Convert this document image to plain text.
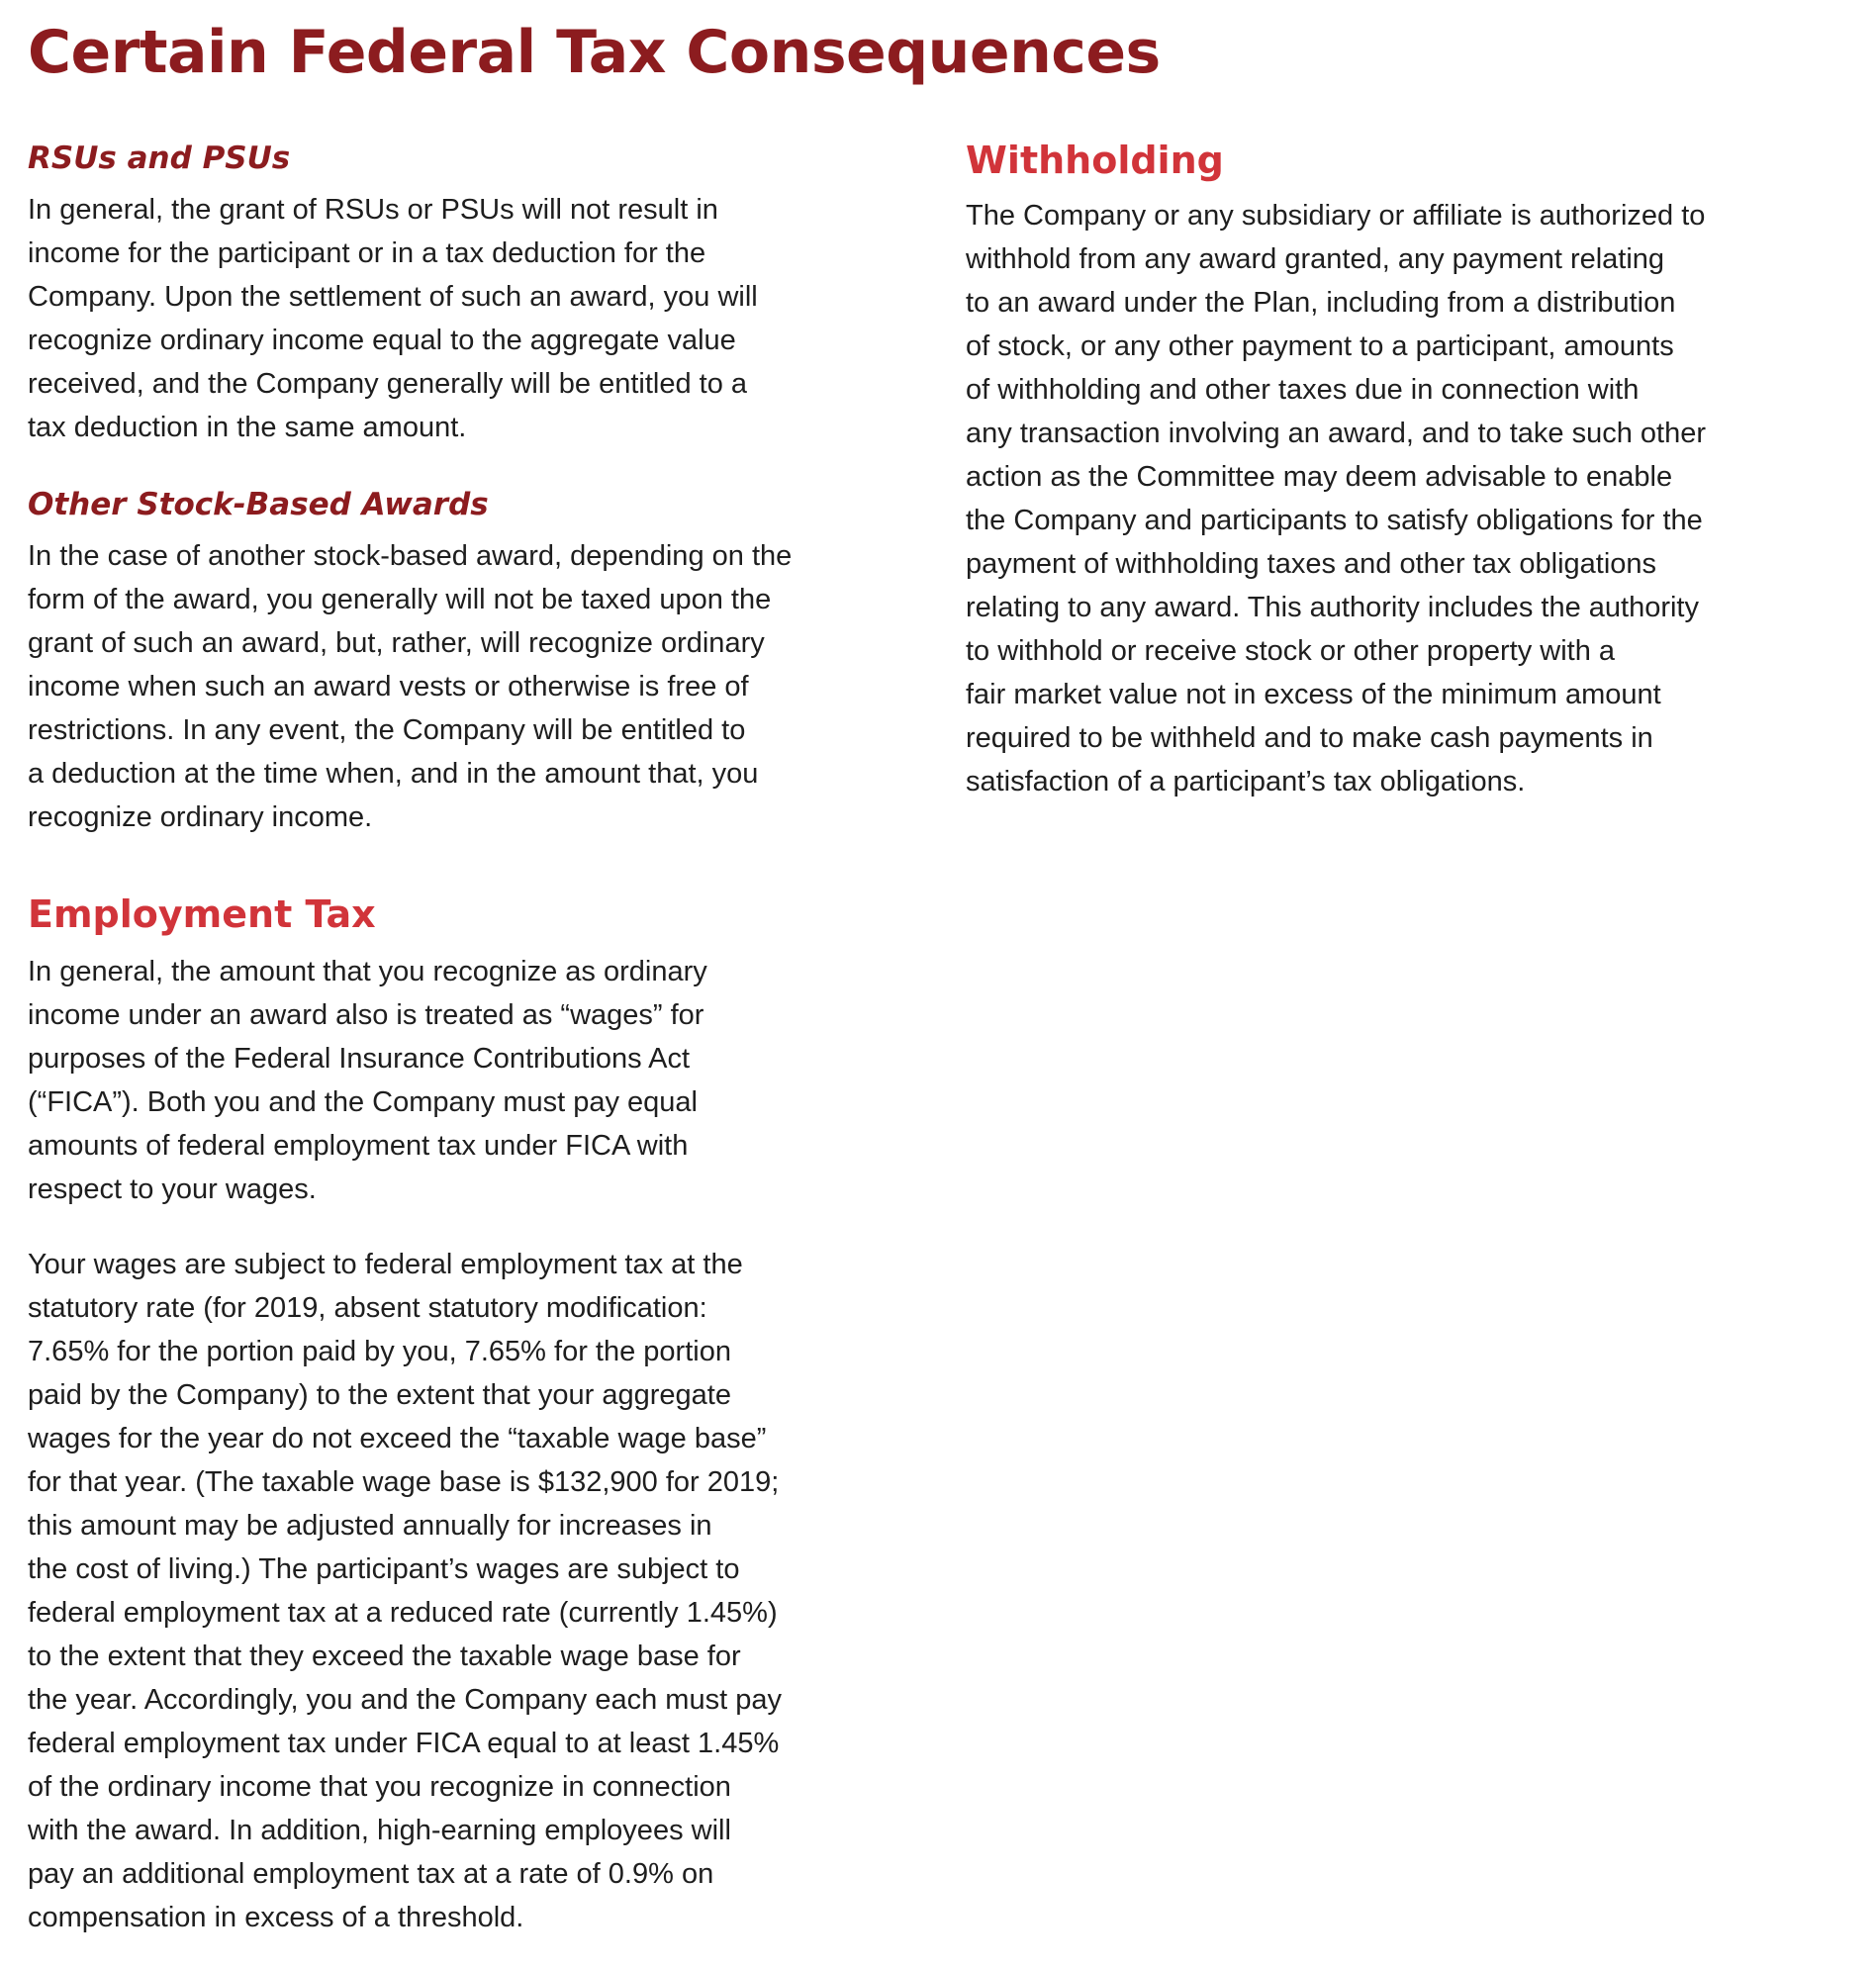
Certain Federal Tax Consequences
RSUs and PSUs

In general, the grant of RSUs or PSUs will not result in
income for the participant or in a tax deduction for the
Company. Upon the settlement of such an award, you will
recognize ordinary income equal to the aggregate value
received, and the Company generally will be entitled to a
tax deduction in the same amount.

Other Stock-Based Awards

In the case of another stock-based award, depending on the
form of the award, you generally will not be taxed upon the
grant of such an award, but, rather, will recognize ordinary
income when such an award vests or otherwise is free of
restrictions. In any event, the Company will be entitled to
a deduction at the time when, and in the amount that, you
recognize ordinary income.

Employment Tax

In general, the amount that you recognize as ordinary
income under an award also is treated as “wages” for
purposes of the Federal Insurance Contributions Act
(“FICA”). Both you and the Company must pay equal
amounts of federal employment tax under FICA with
respect to your wages.

Your wages are subject to federal employment tax at the
statutory rate (for 2019, absent statutory modification:
7.65% for the portion paid by you, 7.65% for the portion
paid by the Company) to the extent that your aggregate
wages for the year do not exceed the “taxable wage base”
for that year. (The taxable wage base is $132,900 for 2019;
this amount may be adjusted annually for increases in
the cost of living.) The participant’s wages are subject to
federal employment tax at a reduced rate (currently 1.45%)
to the extent that they exceed the taxable wage base for
the year. Accordingly, you and the Company each must pay
federal employment tax under FICA equal to at least 1.45%
of the ordinary income that you recognize in connection
with the award. In addition, high-earning employees will
pay an additional employment tax at a rate of 0.9% on
compensation in excess of a threshold.

Withholding

The Company or any subsidiary or affiliate is authorized to
withhold from any award granted, any payment relating
to an award under the Plan, including from a distribution
of stock, or any other payment to a participant, amounts
of withholding and other taxes due in connection with
any transaction involving an award, and to take such other
action as the Committee may deem advisable to enable
the Company and participants to satisfy obligations for the
payment of withholding taxes and other tax obligations
relating to any award. This authority includes the authority
to withhold or receive stock or other property with a
fair market value not in excess of the minimum amount
required to be withheld and to make cash payments in
satisfaction of a participant’s tax obligations.
